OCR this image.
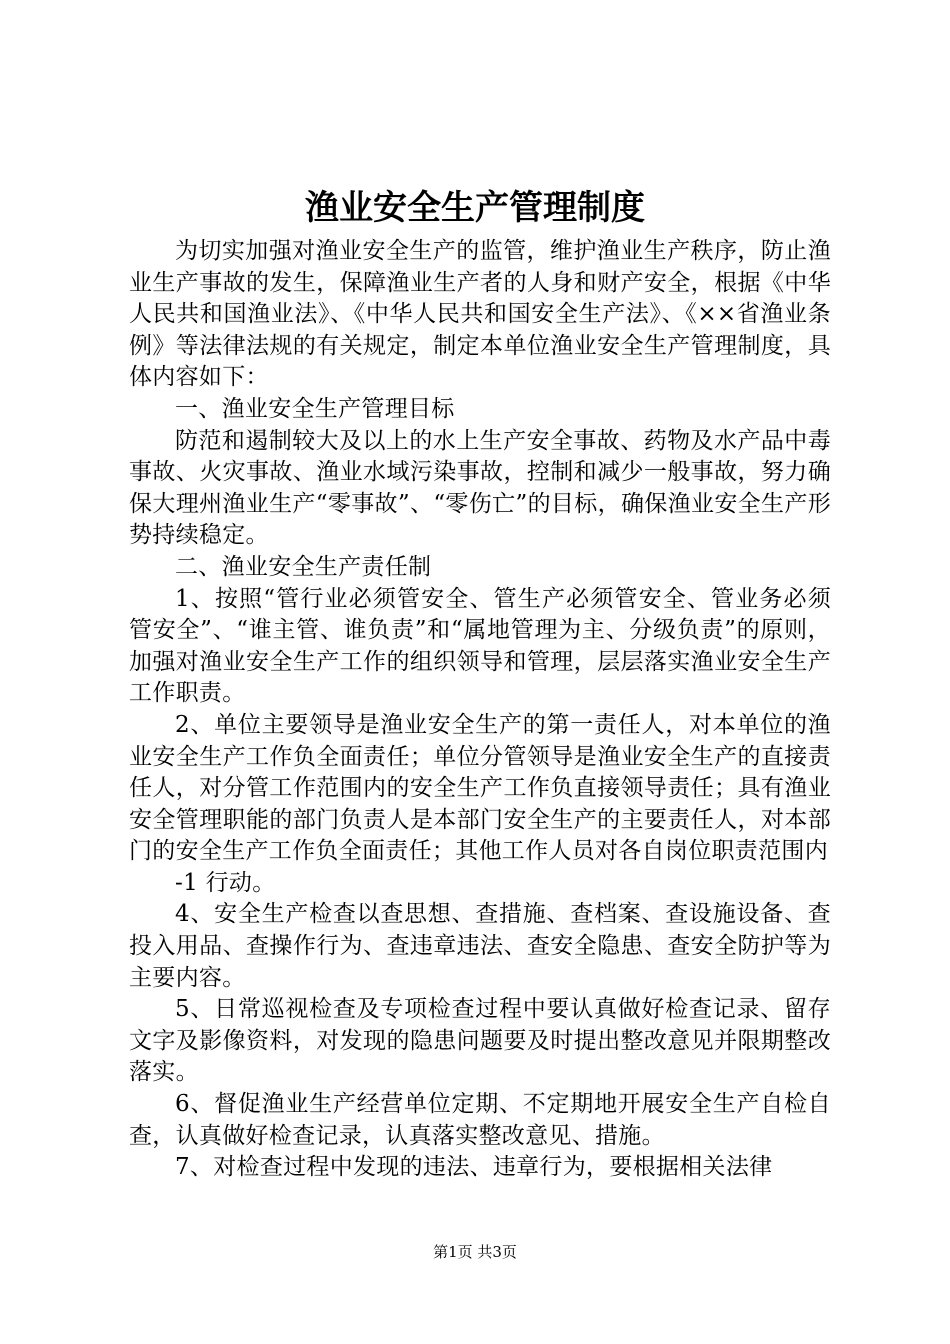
渔业安全生产管理制度

为切实加强对渔业安全生产的监管，维护渔业生产秩序，防止渔业生产事故的发生，保障渔业生产者的人身和财产安全，根据《中华人民共和国渔业法》、《中华人民共和国安全生产法》、《××省渔业条例》等法律法规的有关规定，制定本单位渔业安全生产管理制度，具体内容如下：

一、渔业安全生产管理目标

防范和遏制较大及以上的水上生产安全事故、药物及水产品中毒事故、火灾事故、渔业水域污染事故，控制和减少一般事故，努力确保大理州渔业生产“零事故”、“零伤亡”的目标，确保渔业安全生产形势持续稳定。

二、渔业安全生产责任制

1、按照“管行业必须管安全、管生产必须管安全、管业务必须管安全”、“谁主管、谁负责”和“属地管理为主、分级负责”的原则，加强对渔业安全生产工作的组织领导和管理，层层落实渔业安全生产工作职责。

2、单位主要领导是渔业安全生产的第一责任人，对本单位的渔业安全生产工作负全面责任；单位分管领导是渔业安全生产的直接责任人，对分管工作范围内的安全生产工作负直接领导责任；具有渔业安全管理职能的部门负责人是本部门安全生产的主要责任人，对本部门的安全生产工作负全面责任；其他工作人员对各自岗位职责范围内

-1 行动。

4、安全生产检查以查思想、查措施、查档案、查设施设备、查投入用品、查操作行为、查违章违法、查安全隐患、查安全防护等为主要内容。

5、日常巡视检查及专项检查过程中要认真做好检查记录、留存文字及影像资料，对发现的隐患问题要及时提出整改意见并限期整改落实。

6、督促渔业生产经营单位定期、不定期地开展安全生产自检自查，认真做好检查记录，认真落实整改意见、措施。

7、对检查过程中发现的违法、违章行为，要根据相关法律

第1页 共3页
